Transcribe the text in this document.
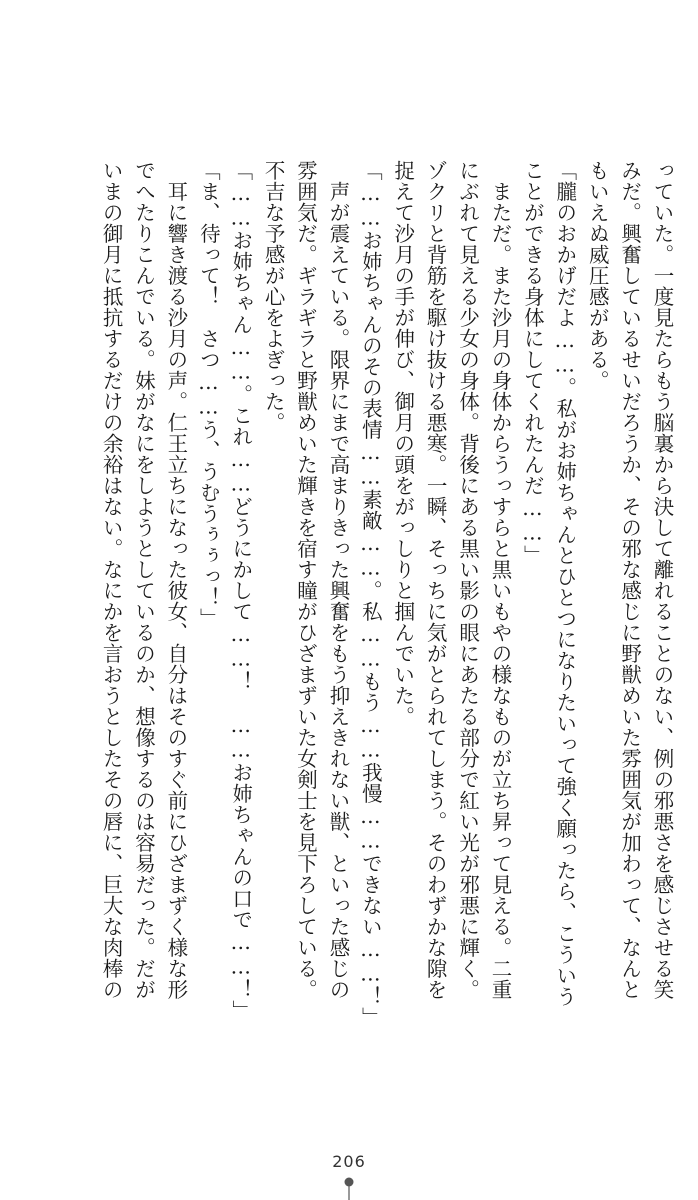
っていた。一度見たらもう脳裏から決して離れることのない、例の邪悪さを感じさせる笑
みだ。興奮しているせいだろうか、その邪な感じに野獣めいた雰囲気が加わって、なんと
もいえぬ威圧感がある。
「朧のおかげだよ……。私がお姉ちゃんとひとつになりたいって強く願ったら、こういう
ことができる身体にしてくれたんだ……」
　まただ。また沙月の身体からうっすらと黒いもやの様なものが立ち昇って見える。二重
にぶれて見える少女の身体。背後にある黒い影の眼にあたる部分で紅い光が邪悪に輝く。
ゾクリと背筋を駆け抜ける悪寒。一瞬、そっちに気がとられてしまう。そのわずかな隙を
捉えて沙月の手が伸び、御月の頭をがっしりと掴んでいた。
「……お姉ちゃんのその表情……素敵……。私……もう……我慢……できない……！」
　声が震えている。限界にまで高まりきった興奮をもう抑えきれない獣、といった感じの
雰囲気だ。ギラギラと野獣めいた輝きを宿す瞳がひざまずいた女剣士を見下ろしている。
不吉な予感が心をよぎった。
「……お姉ちゃん……。これ……どうにかして……！　……お姉ちゃんの口で……！」
「ま、待って！　さつ……う、うむうぅぅっ！」
　耳に響き渡る沙月の声。仁王立ちになった彼女、自分はそのすぐ前にひざまずく様な形
でへたりこんでいる。妹がなにをしようとしているのか、想像するのは容易だった。だが
いまの御月に抵抗するだけの余裕はない。なにかを言おうとしたその唇に、巨大な肉棒の
206
